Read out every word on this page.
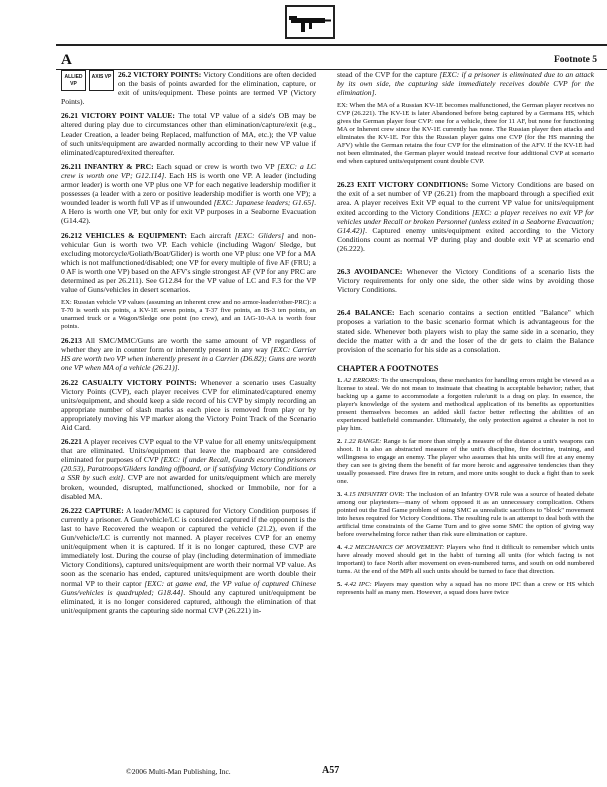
A	Footnote 5

ALLIED VP
AXIS VP 26.2 VICTORY POINTS: Victory Conditions are often decided on the basis of points awarded for the elimination, capture, or exit of units/equipment. These points are termed VP (Victory Points).

26.21 VICTORY POINT VALUE: The total VP value of a side's OB may be altered during play due to circumstances other than elimination/capture/exit (e.g., Leader Creation, a leader being Replaced, malfunction of MA, etc.); the VP value of such units/equipment are awarded normally according to their new VP value if eliminated/captured/exited thereafter.

26.211 INFANTRY & PRC: Each squad or crew is worth two VP [EXC: a LC crew is worth one VP; G12.114]. Each HS is worth one VP. A leader (including armor leader) is worth one VP plus one VP for each negative leadership modifier it possesses (a leader with a zero or positive leadership modifier is worth one VP); a wounded leader is worth full VP as if unwounded [EXC: Japanese leaders; G1.65]. A Hero is worth one VP, but only for exit VP purposes in a Seaborne Evacuation (G14.42).

26.212 VEHICLES & EQUIPMENT: Each aircraft [EXC: Gliders] and non-vehicular Gun is worth two VP. Each vehicle (including Wagon/ Sledge, but excluding motorcycle/Goliath/Boat/Glider) is worth one VP plus: one VP for a MA which is not malfunctioned/disabled; one VP for every multiple of five AF (FRU; a 0 AF is worth one VP) based on the AFV's single strongest AF (VP for any PRC are determined as per 26.211). See G12.84 for the VP value of LC and F.3 for the VP value of Guns/vehicles in desert scenarios.

EX: Russian vehicle VP values (assuming an inherent crew and no armor-leader/other-PRC): a T-70 is worth six points, a KV-1E seven points, a T-37 five points, an IS-3 ten points, an unarmed truck or a Wagon/Sledge one point (no crew), and an IAG-10-AA is worth four points.

26.213 All SMC/MMC/Guns are worth the same amount of VP regardless of whether they are in counter form or inherently present in any way [EXC: Carrier HS are worth two VP when inherently present in a Carrier (D6.82); Guns are worth one VP when MA of a vehicle (26.21)].

26.22 CASUALTY VICTORY POINTS: Whenever a scenario uses Casualty Victory Points (CVP), each player receives CVP for eliminated/captured enemy units/equipment, and should keep a side record of his CVP by simply recording an appropriate number of slash marks as each piece is removed from play or by appropriately moving his VP marker along the Victory Point Track of the Scenario Aid Card.

26.221 A player receives CVP equal to the VP value for all enemy units/equipment that are eliminated. Units/equipment that leave the mapboard are considered eliminated for purposes of CVP [EXC: if under Recall, Guards escorting prisoners (20.53), Paratroops/Gliders landing offboard, or if satisfying Victory Conditions or a SSR by such exit]. CVP are not awarded for units/equipment which are merely broken, wounded, disrupted, malfunctioned, shocked or Immobile, nor for a disabled MA.

26.222 CAPTURE: A leader/MMC is captured for Victory Condition purposes if currently a prisoner. A Gun/vehicle/LC is considered captured if the opponent is the last to have Recovered the weapon or captured the vehicle (21.2), even if the Gun/vehicle/LC is currently not manned. A player receives CVP for an enemy unit/equipment when it is captured. If it is no longer captured, these CVP are immediately lost. During the course of play (including determination of immediate Victory Conditions), captured units/equipment are worth their normal VP value. As soon as the scenario has ended, captured units/equipment are worth double their normal VP to their captor [EXC: at game end, the VP value of captured Chinese Guns/vehicles is quadrupled; G18.44]. Should any captured unit/equipment be eliminated, it is no longer considered captured, although the elimination of that unit/equipment grants the capturing side normal CVP (26.221) in-

stead of the CVP for the capture [EXC: if a prisoner is eliminated due to an attack by its own side, the capturing side immediately receives double CVP for the elimination].

EX: When the MA of a Russian KV-1E becomes malfunctioned, the German player receives no CVP (26.221). The KV-1E is later Abandoned before being captured by a Germans HS, which gives the German player four CVP: one for a vehicle, three for 11 AF, but none for functioning MA or Inherent crew since the KV-1E currently has none. The Russian player then attacks and eliminates the KV-1E. For this the Russian player gains one CVP (for the HS manning the AFV) while the German retains the four CVP for the elimination of the AFV. If the KV-1E had not been eliminated, the German player would instead receive four additional CVP at scenario end when captured units/equipment count double CVP.

26.23 EXIT VICTORY CONDITIONS: Some Victory Conditions are based on the exit of a set number of VP (26.21) from the mapboard through a specified exit area. A player receives Exit VP equal to the current VP value for units/equipment exited according to the Victory Conditions [EXC: a player receives no exit VP for vehicles under Recall or broken Personnel (unless exited in a Seaborne Evacuation; G14.42)]. Captured enemy units/equipment exited according to the Victory Conditions count as normal VP during play and double exit VP at scenario end (26.222).

26.3 AVOIDANCE: Whenever the Victory Conditions of a scenario lists the Victory requirements for only one side, the other side wins by avoiding those Victory Conditions.

26.4 BALANCE: Each scenario contains a section entitled "Balance" which proposes a variation to the basic scenario format which is advantageous for the stated side. Whenever both players wish to play the same side in a scenario, they decide the matter with a dr and the loser of the dr gets to claim the Balance provision of the scenario for his side as a consolation.

CHAPTER A FOOTNOTES

1. A2 ERRORS: To the unscrupulous, these mechanics for handling errors might be viewed as a license to steal. We do not mean to insinuate that cheating is acceptable behavior; rather, that backing up a game to accommodate a forgotten rule/unit is a drag on play. In essence, the player's knowledge of the system and methodical application of its benefits as opportunities present themselves becomes an added skill factor better reflecting the abilities of an experienced battlefield commander. Ultimately, the only protection against a cheater is not to play him.

2. 1.22 RANGE: Range is far more than simply a measure of the distance a unit's weapons can shoot. It is also an abstracted measure of the unit's discipline, fire doctrine, training, and willingness to engage an enemy. The player who assumes that his units will fire at any enemy they can see is giving them the benefit of far more heroic and aggressive tendencies than they usually possessed. Fire draws fire in return, and more units sought to duck a fight than to seek one.

3. 4.15 INFANTRY OVR: The inclusion of an Infantry OVR rule was a source of heated debate among our playtesters—many of whom opposed it as an unnecessary complication. Others pointed out the End Game problem of using SMC as unrealistic sacrifices to "block" movement into hexes required for Victory Conditions. The resulting rule is an attempt to deal both with the artificial time constraints of the Game Turn and to give some SMC the option of giving way before overwhelming force rather than risk sure elimination or capture.

4. 4.2 MECHANICS OF MOVEMENT: Players who find it difficult to remember which units have already moved should get in the habit of turning all units (for which facing is not important) to face North after movement on even-numbered turns, and south on odd numbered turns. At the end of the MPh all such units should be turned to face that direction.

5. 4.42 IPC: Players may question why a squad has no more IPC than a crew or HS which represents half as many men. However, a squad does have twice

©2006 Multi-Man Publishing, Inc.	A57
